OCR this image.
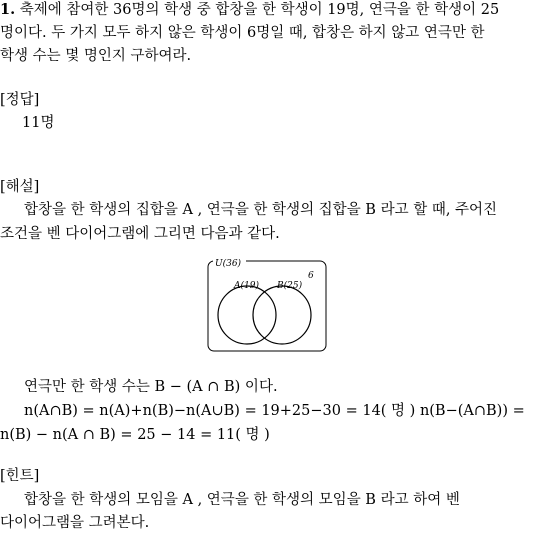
1. 축제에 참여한 36명의 학생 중 합창을 한 학생이 19명, 연극을 한 학생이 25
명이다. 두 가지 모두 하지 않은 학생이 6명일 때, 합창은 하지 않고 연극만 한
학생 수는 몇 명인지 구하여라.
[정답]
11명
[해설]
합창을 한 학생의 집합을 A , 연극을 한 학생의 집합을 B 라고 할 때, 주어진
조건을 벤 다이어그램에 그리면 다음과 같다.
U(36)
6
A(19) B(25)
연극만 한 학생 수는 B − (A ∩ B) 이다.
n(A∩B) = n(A)+n(B)−n(A∪B) = 19+25−30 = 14( 명 ) n(B−(A∩B)) =
n(B) − n(A ∩ B) = 25 − 14 = 11( 명 )
[힌트]
합창을 한 학생의 모임을 A , 연극을 한 학생의 모임을 B 라고 하여 벤
다이어그램을 그려본다.
